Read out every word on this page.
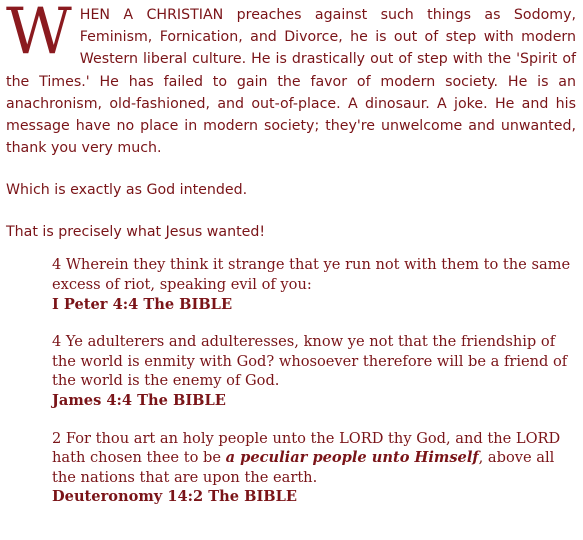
WHEN A CHRISTIAN preaches against such things as Sodomy, Feminism, Fornication, and Divorce, he is out of step with modern Western liberal culture. He is drastically out of step with the 'Spirit of the Times.' He has failed to gain the favor of modern society. He is an anachronism, old-fashioned, and out-of-place. A dinosaur. A joke. He and his message have no place in modern society; they're unwelcome and unwanted, thank you very much.

Which is exactly as God intended.

That is precisely what Jesus wanted!

4 Wherein they think it strange that ye run not with them to the same excess of riot, speaking evil of you:

I Peter 4:4 The BIBLE

4 Ye adulterers and adulteresses, know ye not that the friendship of the world is enmity with God? whosoever therefore will be a friend of the world is the enemy of God.

James 4:4 The BIBLE

2 For thou art an holy people unto the LORD thy God, and the LORD hath chosen thee to be a peculiar people unto Himself, above all the nations that are upon the earth.

Deuteronomy 14:2 The BIBLE
